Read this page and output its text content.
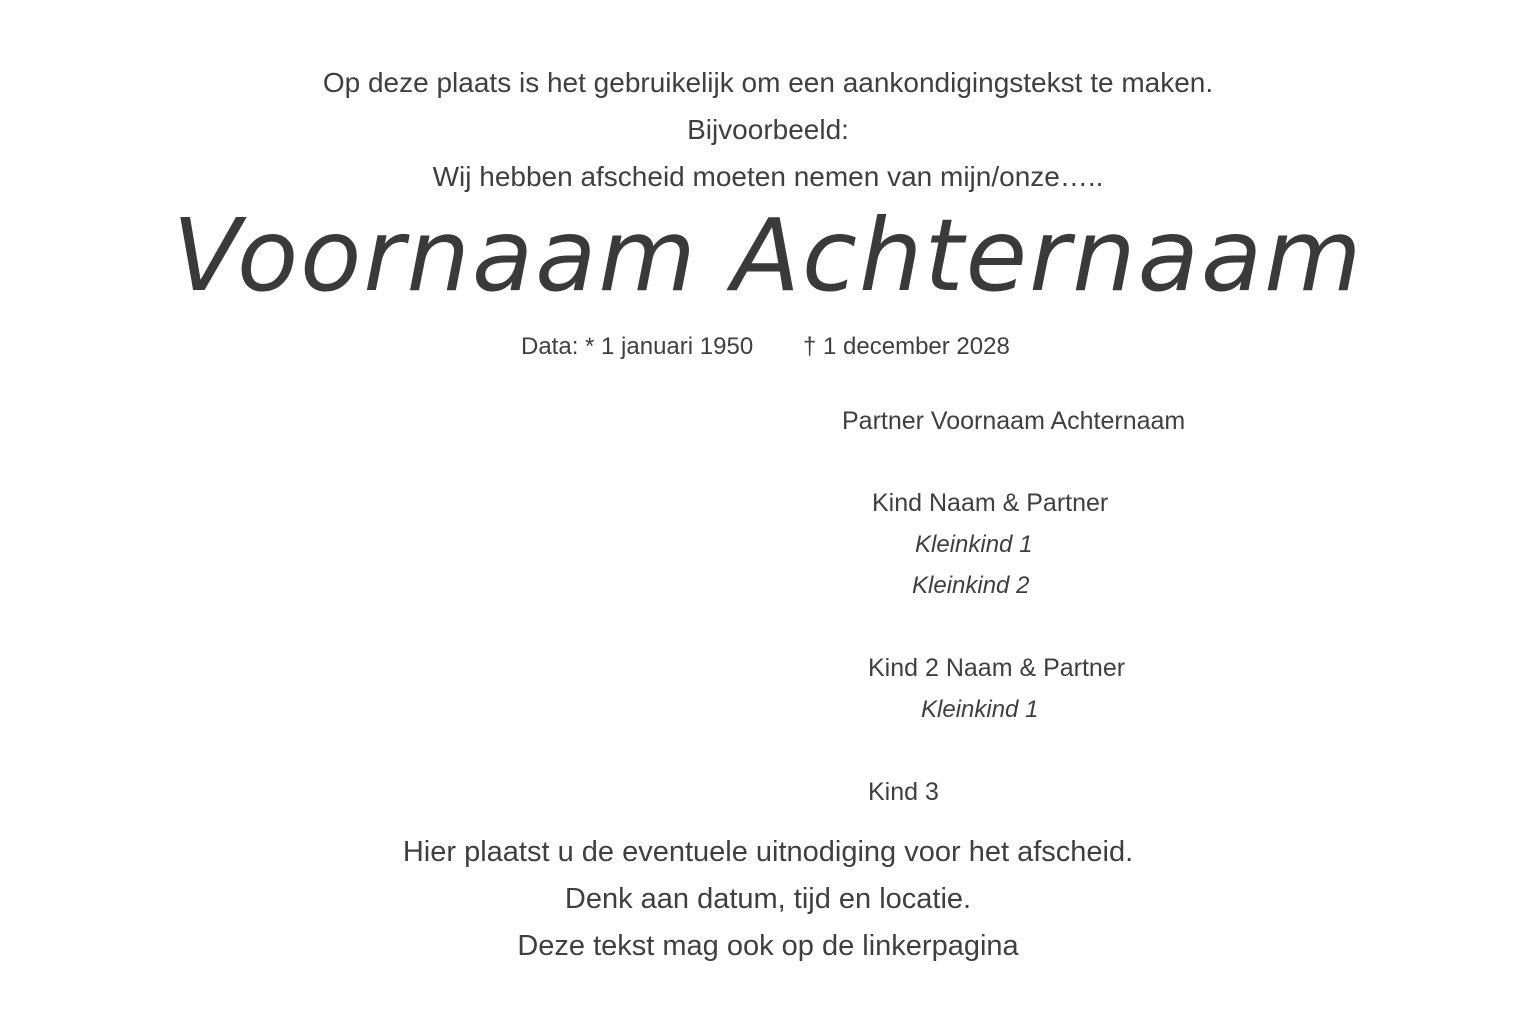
Op deze plaats is het gebruikelijk om een aankondigingstekst te maken.
Bijvoorbeeld:
Wij hebben afscheid moeten nemen van mijn/onze…..
Voornaam Achternaam
Data: * 1 januari 1950 † 1 december 2028
Partner Voornaam Achternaam
Kind Naam & Partner
Kleinkind 1
Kleinkind 2
Kind 2 Naam & Partner
Kleinkind 1
Kind 3
Hier plaatst u de eventuele uitnodiging voor het afscheid.
Denk aan datum, tijd en locatie.
Deze tekst mag ook op de linkerpagina
